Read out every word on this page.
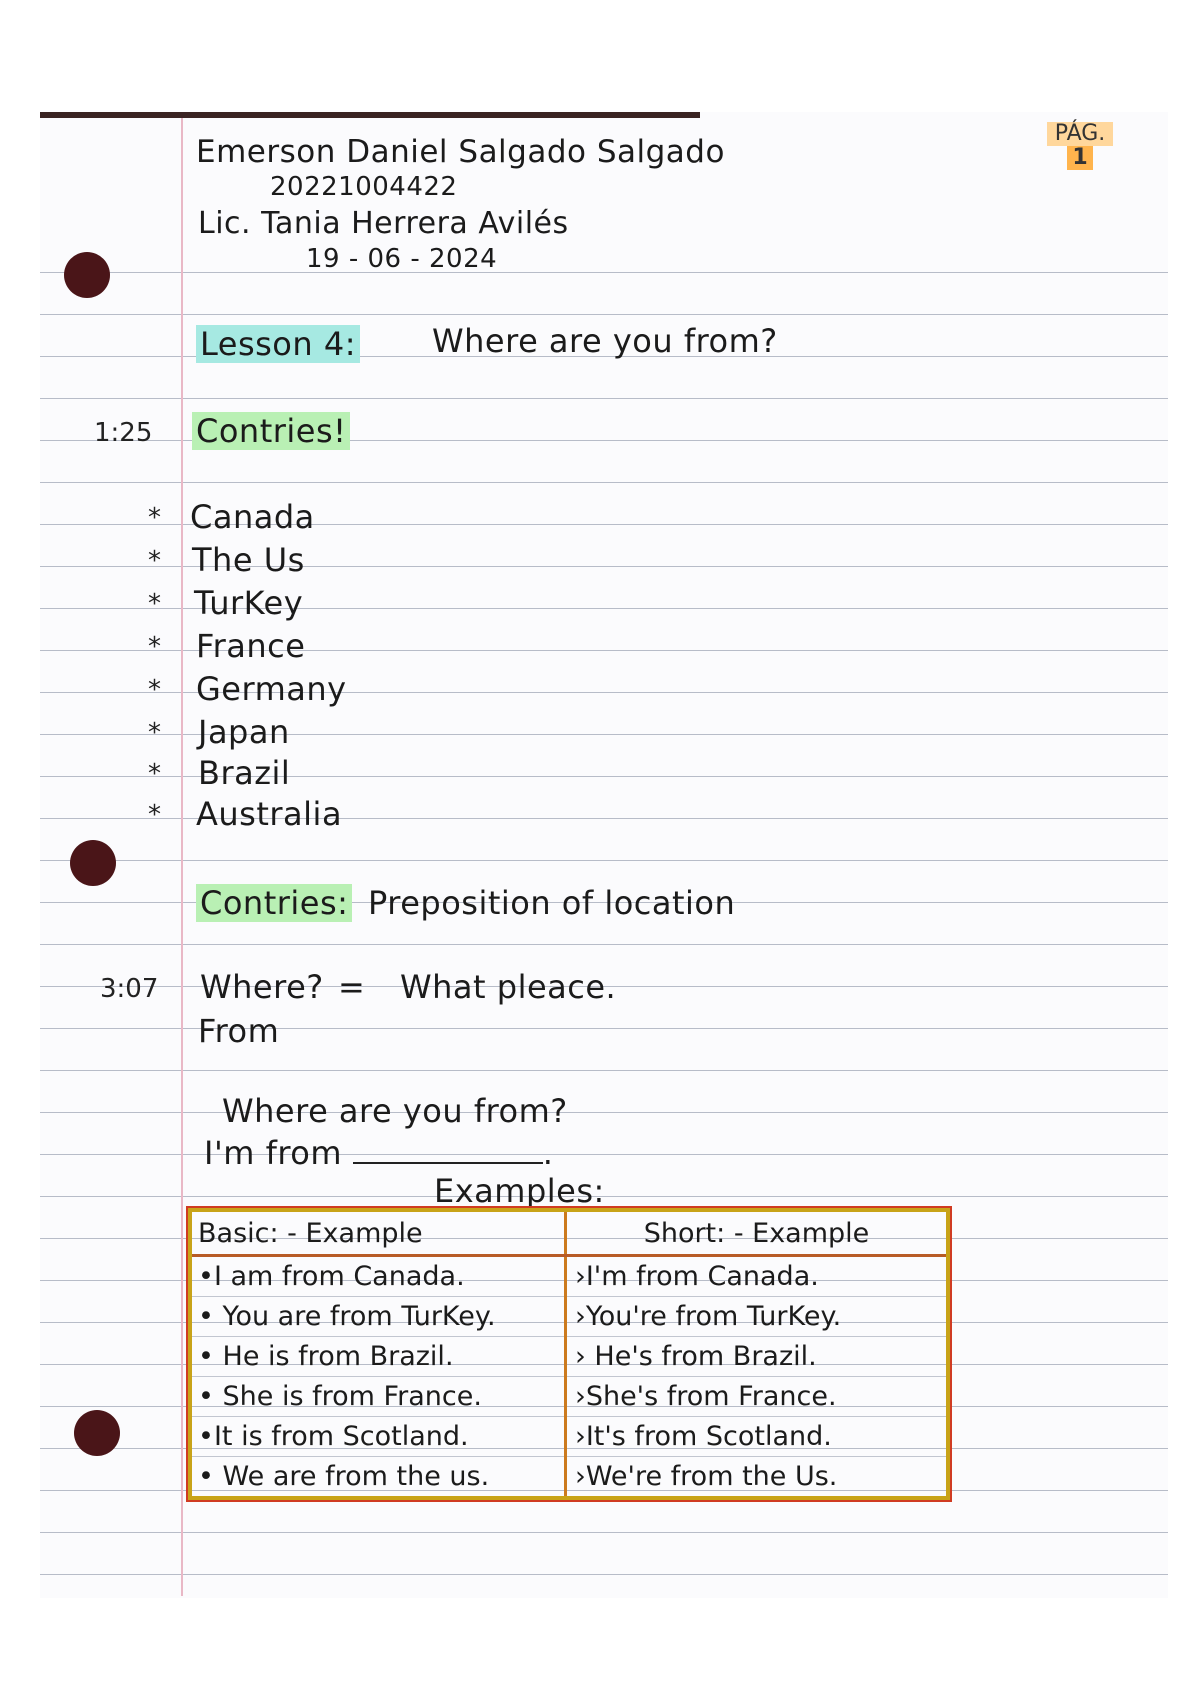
PÁG.
1
Emerson Daniel Salgado Salgado
20221004422
Lic. Tania Herrera Avilés
19 - 06 - 2024
Lesson 4: Where are you from?
1:25 Contries!
* Canada
* The Us
* TurKey
* France
* Germany
* Japan
* Brazil
* Australia
Contries: Preposition of location
3:07 Where? = What pleace.
From
Where are you from?
I'm from	.
Examples:
Basic: - Example	Short: - Example
•I am from Canada.	›I'm from Canada.
• You are from TurKey.	›You're from TurKey.
• He is from Brazil.	› He's from Brazil.
• She is from France.	›She's from France.
•It is from Scotland.	›It's from Scotland.
• We are from the us.	›We're from the Us.
